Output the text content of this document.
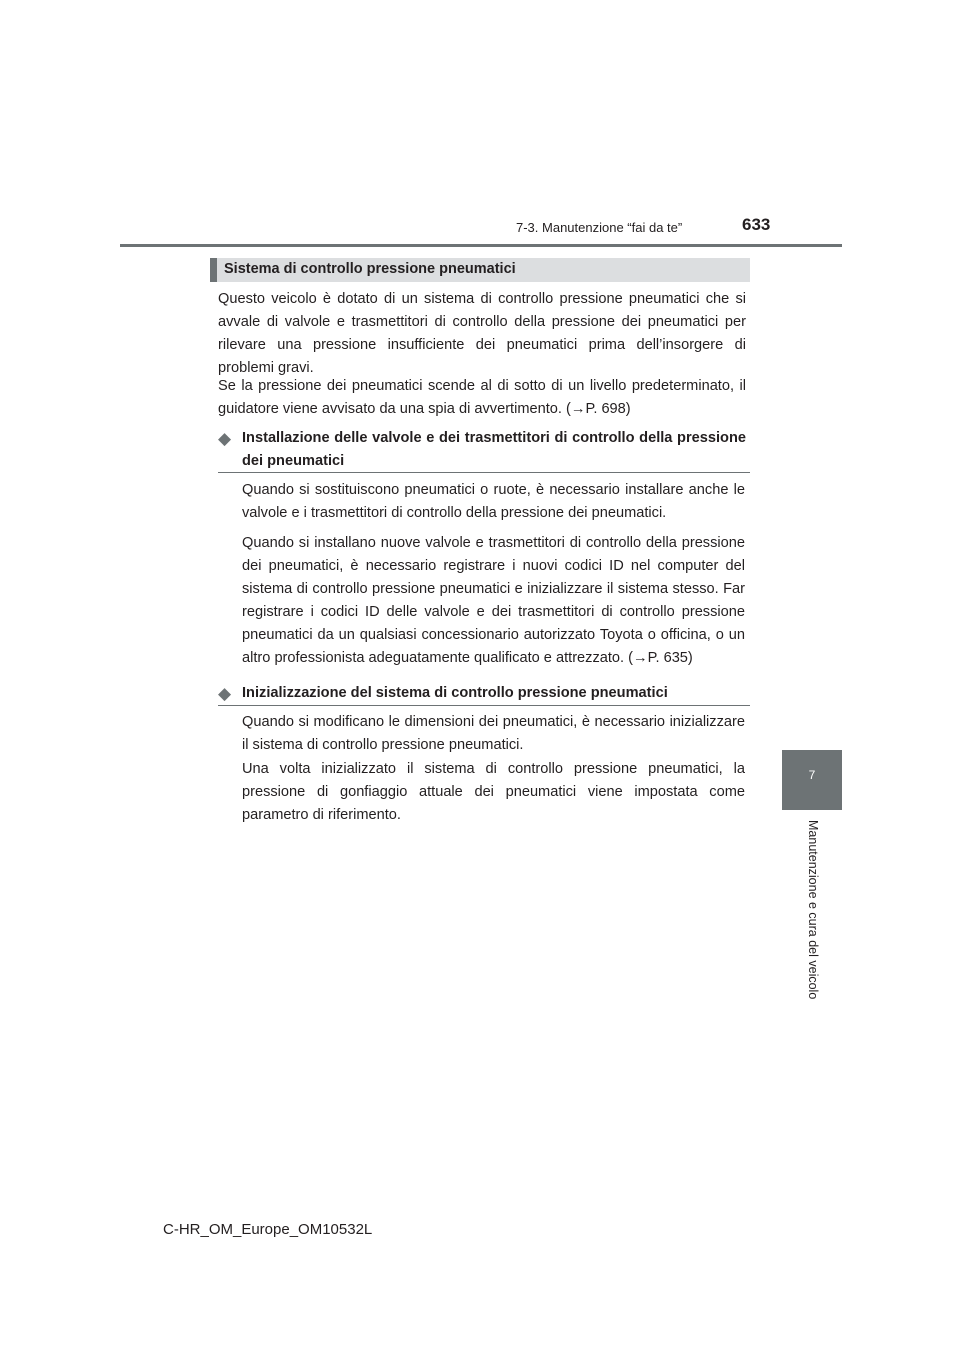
7-3. Manutenzione “fai da te”	633
Sistema di controllo pressione pneumatici

Questo veicolo è dotato di un sistema di controllo pressione pneumatici che si avvale di valvole e trasmettitori di controllo della pressione dei pneumatici per rilevare una pressione insufficiente dei pneumatici prima dell’insorgere di problemi gravi.

Se la pressione dei pneumatici scende al di sotto di un livello predeterminato, il guidatore viene avvisato da una spia di avvertimento. (→P. 698)

◆ Installazione delle valvole e dei trasmettitori di controllo della pressione dei pneumatici

Quando si sostituiscono pneumatici o ruote, è necessario installare anche le valvole e i trasmettitori di controllo della pressione dei pneumatici.

Quando si installano nuove valvole e trasmettitori di controllo della pressione dei pneumatici, è necessario registrare i nuovi codici ID nel computer del sistema di controllo pressione pneumatici e inizializzare il sistema stesso. Far registrare i codici ID delle valvole e dei trasmettitori di controllo pressione pneumatici da un qualsiasi concessionario autorizzato Toyota o officina, o un altro professionista adeguatamente qualificato e attrezzato. (→P. 635)

◆ Inizializzazione del sistema di controllo pressione pneumatici

Quando si modificano le dimensioni dei pneumatici, è necessario inizializzare il sistema di controllo pressione pneumatici.

Una volta inizializzato il sistema di controllo pressione pneumatici, la pressione di gonfiaggio attuale dei pneumatici viene impostata come parametro di riferimento.

7
Manutenzione e cura del veicolo
C-HR_OM_Europe_OM10532L
